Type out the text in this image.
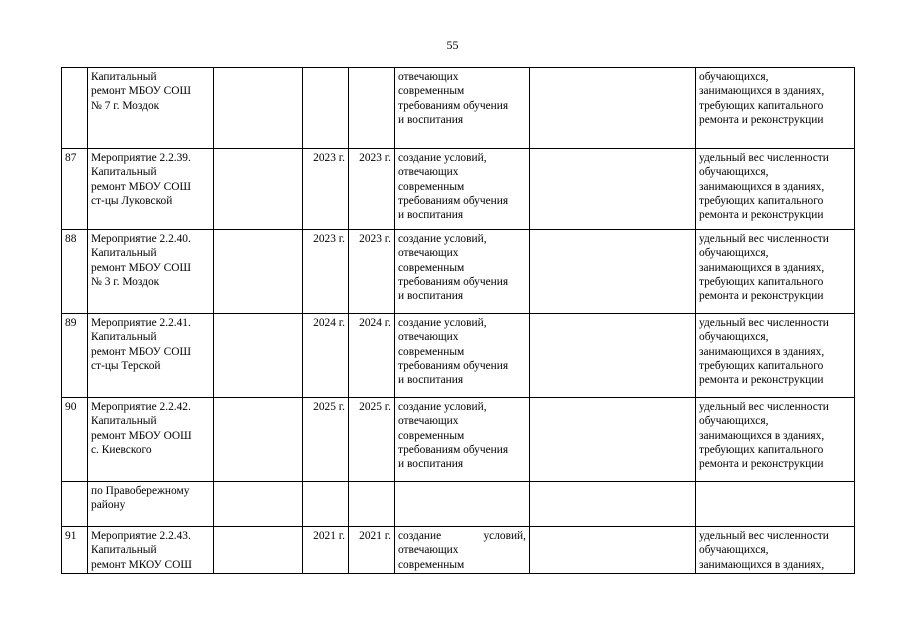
55

	Капитальный
ремонт МБОУ СОШ
№ 7 г. Моздок				отвечающих
современным
требованиям обучения
и воспитания		обучающихся,
занимающихся в зданиях,
требующих капитального
ремонта и реконструкции

87	Мероприятие 2.2.39.
Капитальный
ремонт МБОУ СОШ
ст-цы Луковской		2023 г.	2023 г.	создание условий,
отвечающих
современным
требованиям обучения
и воспитания		удельный вес численности
обучающихся,
занимающихся в зданиях,
требующих капитального
ремонта и реконструкции

88	Мероприятие 2.2.40.
Капитальный
ремонт МБОУ СОШ
№ 3 г. Моздок		2023 г.	2023 г.	создание условий,
отвечающих
современным
требованиям обучения
и воспитания		удельный вес численности
обучающихся,
занимающихся в зданиях,
требующих капитального
ремонта и реконструкции

89	Мероприятие 2.2.41.
Капитальный
ремонт МБОУ СОШ
ст-цы Терской		2024 г.	2024 г.	создание условий,
отвечающих
современным
требованиям обучения
и воспитания		удельный вес численности
обучающихся,
занимающихся в зданиях,
требующих капитального
ремонта и реконструкции

90	Мероприятие 2.2.42.
Капитальный
ремонт МБОУ ООШ
с. Киевского		2025 г.	2025 г.	создание условий,
отвечающих
современным
требованиям обучения
и воспитания		удельный вес численности
обучающихся,
занимающихся в зданиях,
требующих капитального
ремонта и реконструкции

	по Правобережному
району						

91	Мероприятие 2.2.43.
Капитальный
ремонт МКОУ СОШ		2021 г.	2021 г.	создание условий,
отвечающих
современным		удельный вес численности
обучающихся,
занимающихся в зданиях,
